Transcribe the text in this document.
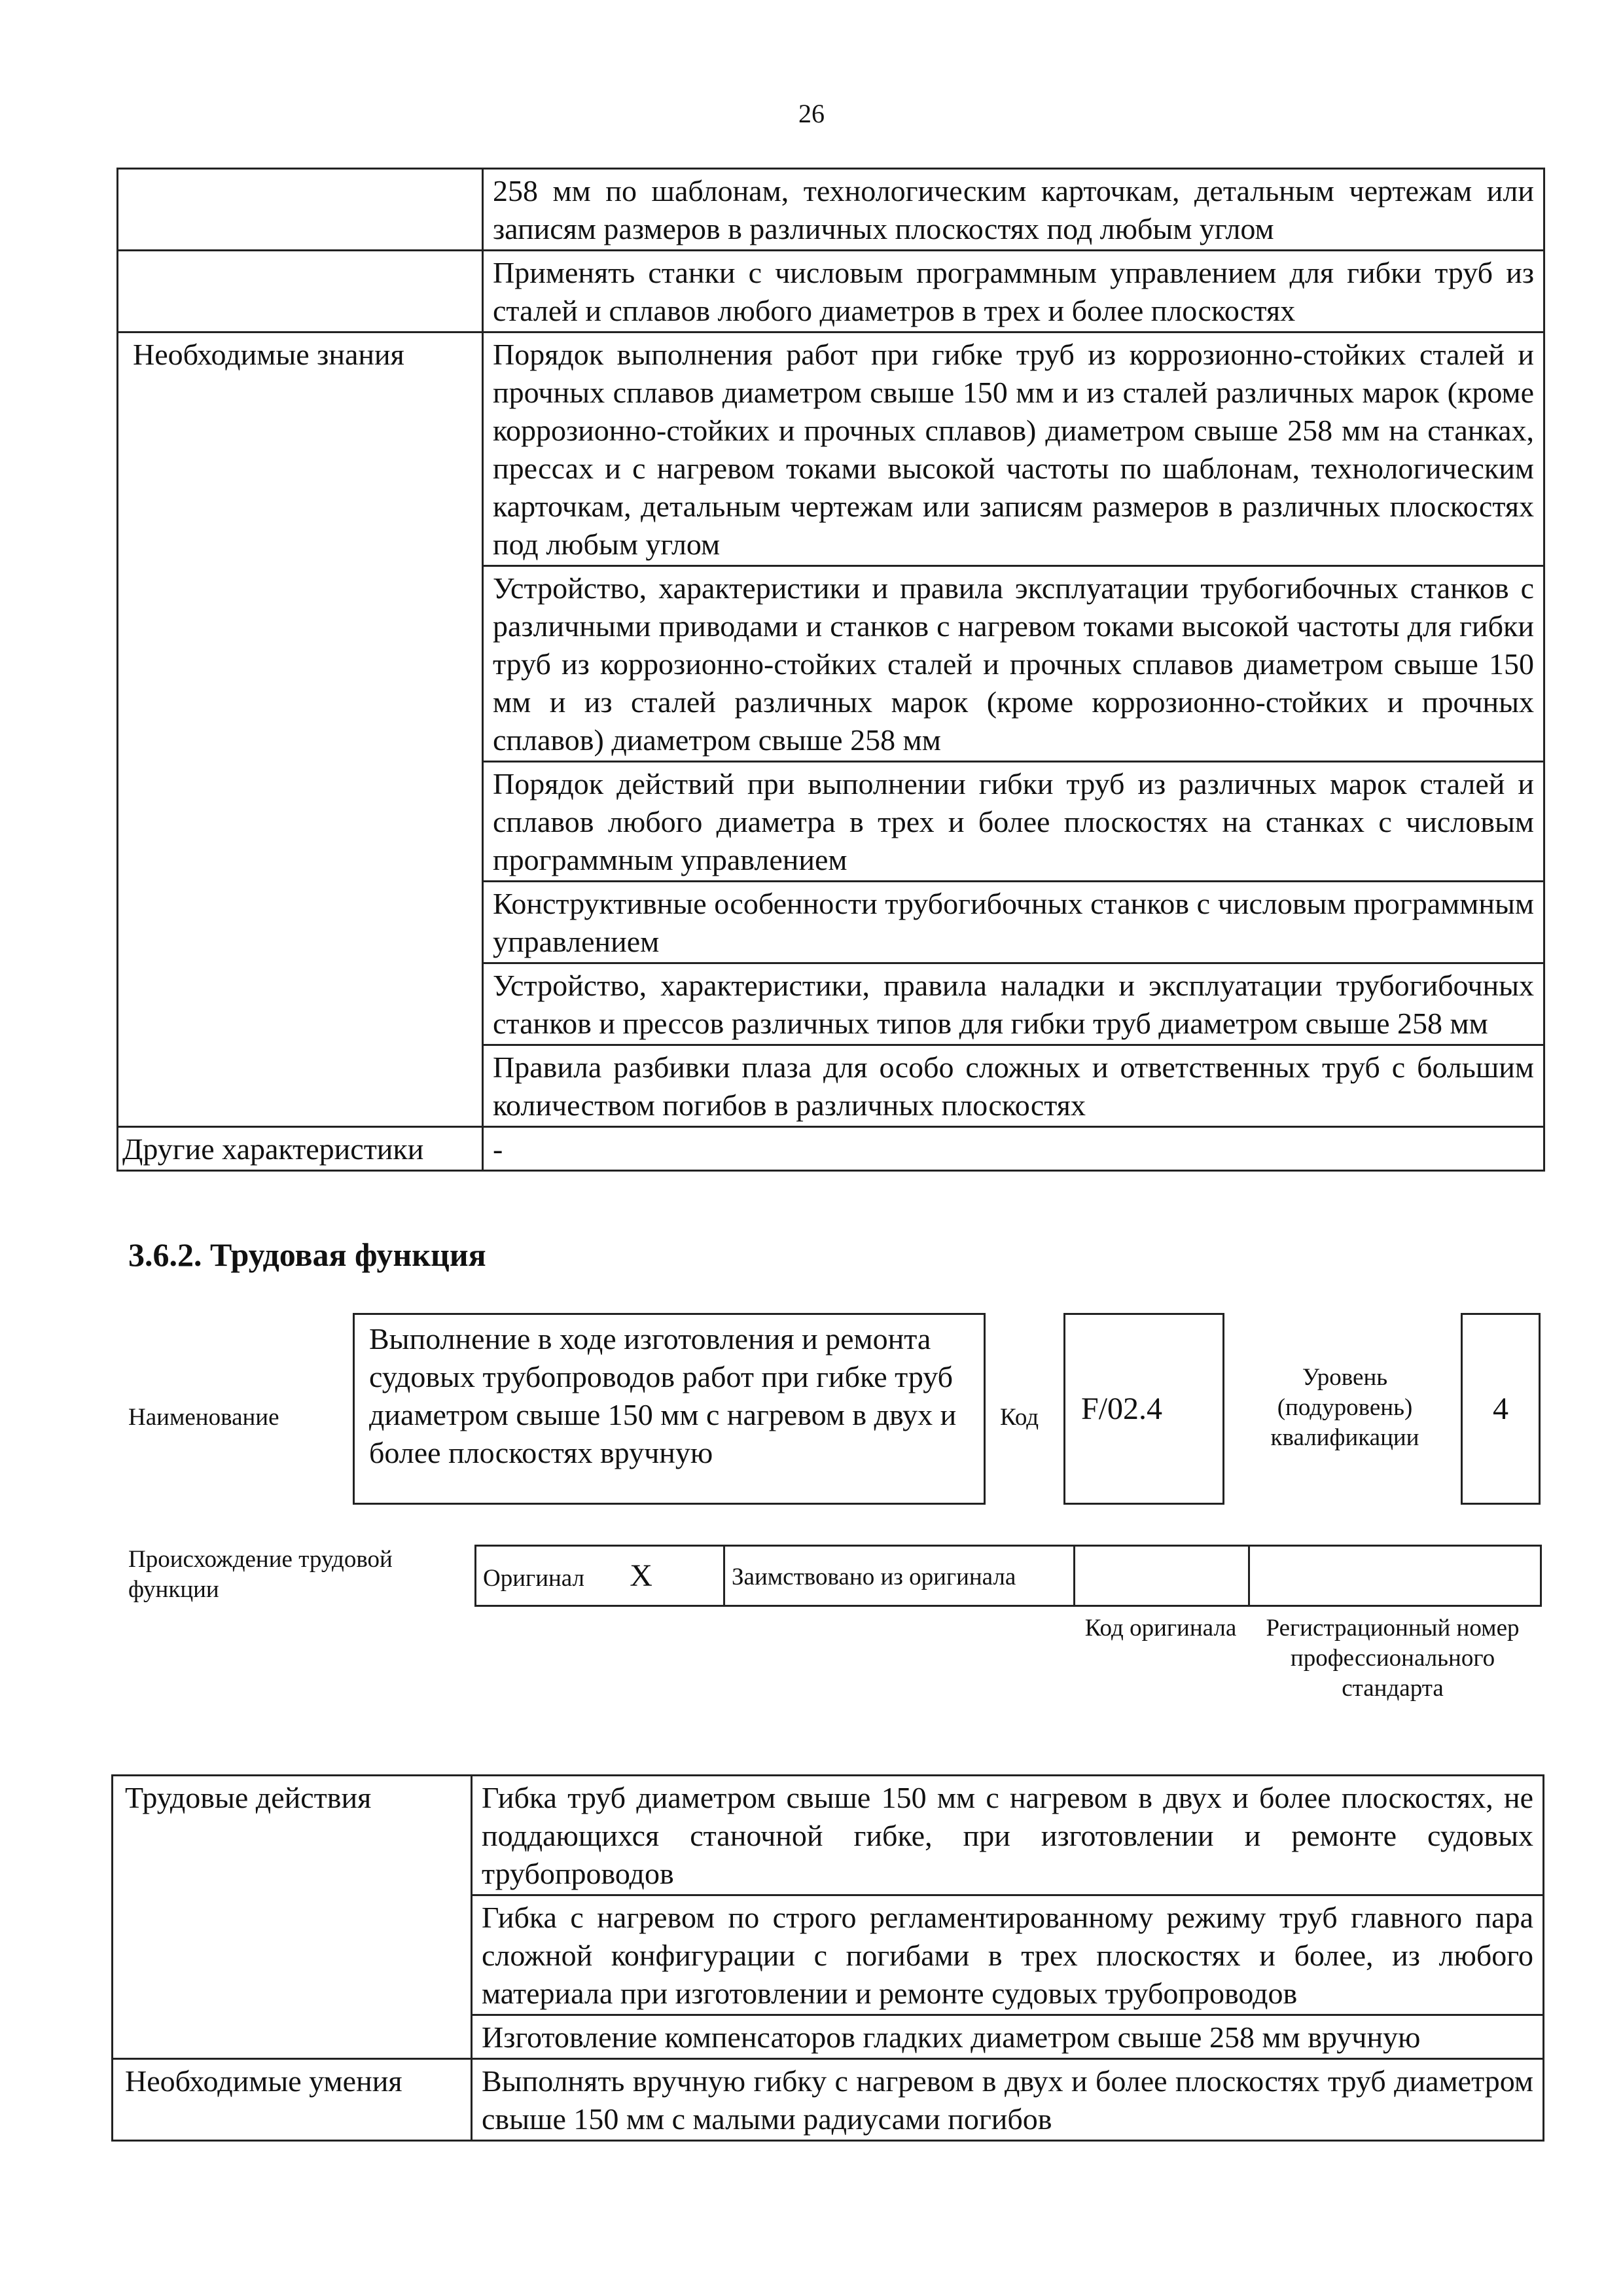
26
	258 мм по шаблонам, технологическим карточкам, детальным чертежам или записям размеров в различных плоскостях под любым углом
	Применять станки с числовым программным управлением для гибки труб из сталей и сплавов любого диаметров в трех и более плоскостях
Необходимые знания	Порядок выполнения работ при гибке труб из коррозионно-стойких сталей и прочных сплавов диаметром свыше 150 мм и из сталей различных марок (кроме коррозионно-стойких и прочных сплавов) диаметром свыше 258 мм на станках, прессах и с нагревом токами высокой частоты по шаблонам, технологическим карточкам, детальным чертежам или записям размеров в различных плоскостях под любым углом
	Устройство, характеристики и правила эксплуатации трубогибочных станков с различными приводами и станков с нагревом токами высокой частоты для гибки труб из коррозионно-стойких сталей и прочных сплавов диаметром свыше 150 мм и из сталей различных марок (кроме коррозионно-стойких и прочных сплавов) диаметром свыше 258 мм
	Порядок действий при выполнении гибки труб из различных марок сталей и сплавов любого диаметра в трех и более плоскостях на станках с числовым программным управлением
	Конструктивные особенности трубогибочных станков с числовым программным управлением
	Устройство, характеристики, правила наладки и эксплуатации трубогибочных станков и прессов различных типов для гибки труб диаметром свыше 258 мм
	Правила разбивки плаза для особо сложных и ответственных труб с большим количеством погибов в различных плоскостях
Другие характеристики	-
3.6.2. Трудовая функция
Наименование
Выполнение в ходе изготовления и ремонта судовых трубопроводов работ при гибке труб диаметром свыше 150 мм с нагревом в двух и более плоскостях вручную
Код	F/02.4
Уровень (подуровень) квалификации
4
Происхождение трудовой функции	Оригинал X	Заимствовано из оригинала		
Код оригинала	Регистрационный номер профессионального стандарта
Трудовые действия	Гибка труб диаметром свыше 150 мм с нагревом в двух и более плоскостях, не поддающихся станочной гибке, при изготовлении и ремонте судовых трубопроводов
	Гибка с нагревом по строго регламентированному режиму труб главного пара сложной конфигурации с погибами в трех плоскостях и более, из любого материала при изготовлении и ремонте судовых трубопроводов
	Изготовление компенсаторов гладких диаметром свыше 258 мм вручную
Необходимые умения	Выполнять вручную гибку с нагревом в двух и более плоскостях труб диаметром свыше 150 мм с малыми радиусами погибов
